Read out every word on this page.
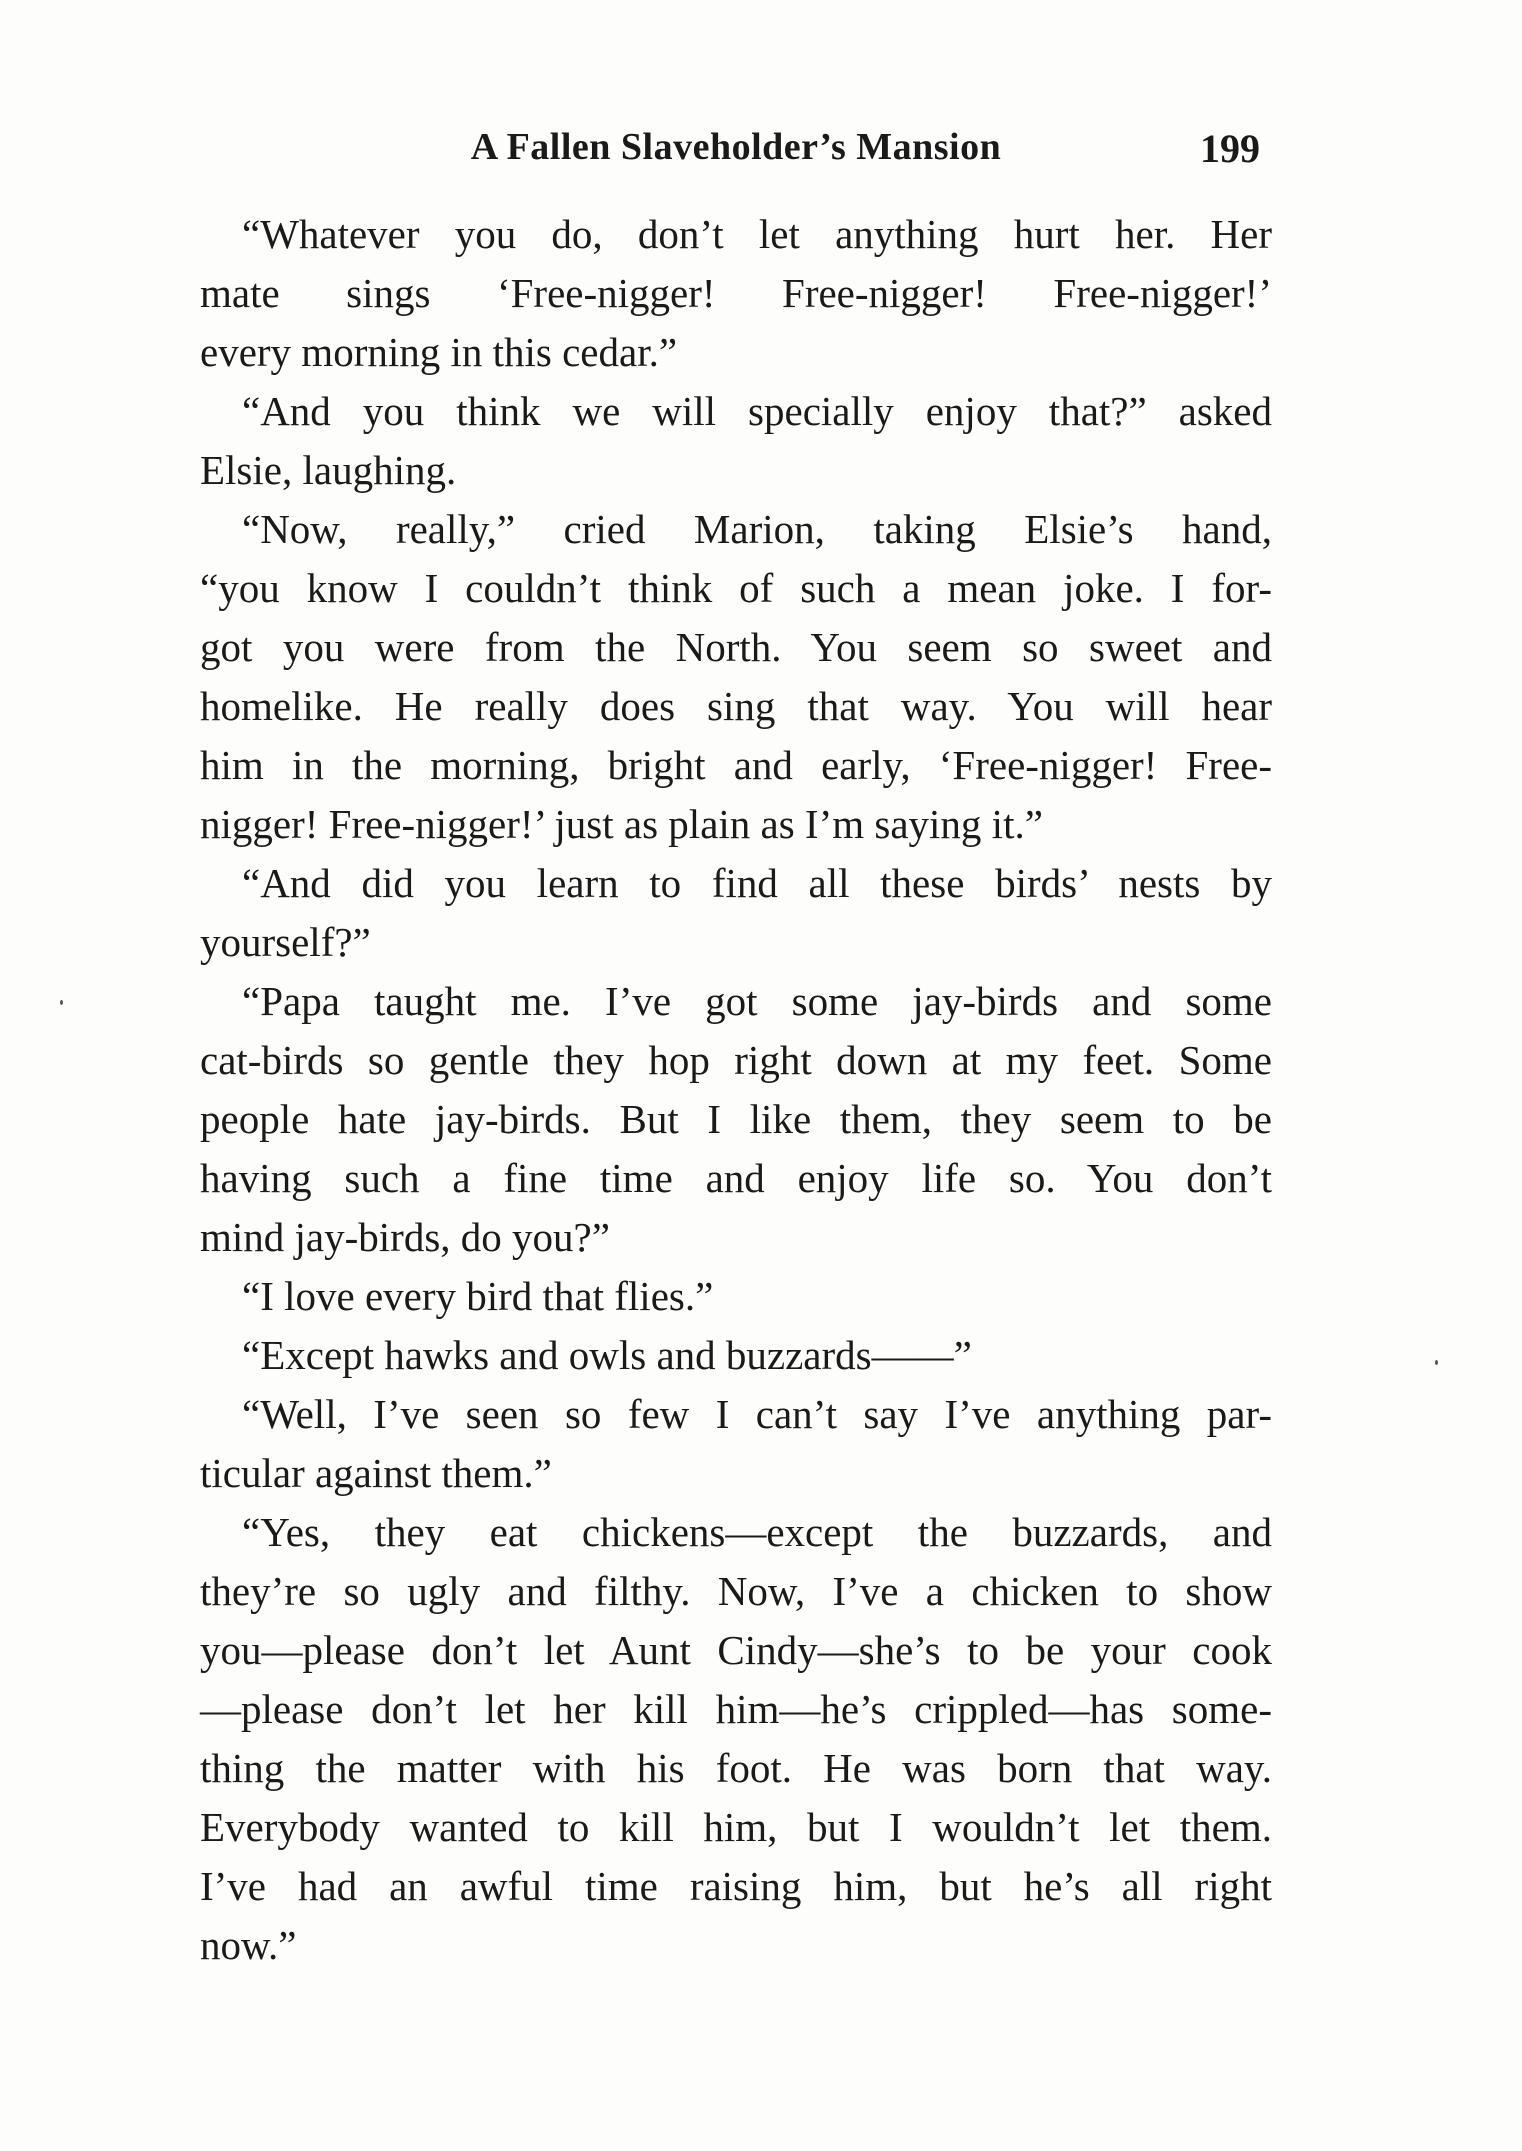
A Fallen Slaveholder’s Mansion	199
“Whatever you do, don’t let anything hurt her. Her
mate sings ‘Free-nigger! Free-nigger! Free-nigger!’
every morning in this cedar.”
“And you think we will specially enjoy that?” asked
Elsie, laughing.
“Now, really,” cried Marion, taking Elsie’s hand,
“you know I couldn’t think of such a mean joke. I for-
got you were from the North. You seem so sweet and
homelike. He really does sing that way. You will hear
him in the morning, bright and early, ‘Free-nigger! Free-
nigger! Free-nigger!’ just as plain as I’m saying it.”
“And did you learn to find all these birds’ nests by
yourself?”
“Papa taught me. I’ve got some jay-birds and some
cat-birds so gentle they hop right down at my feet. Some
people hate jay-birds. But I like them, they seem to be
having such a fine time and enjoy life so. You don’t
mind jay-birds, do you?”
“I love every bird that flies.”
“Except hawks and owls and buzzards——”
“Well, I’ve seen so few I can’t say I’ve anything par-
ticular against them.”
“Yes, they eat chickens—except the buzzards, and
they’re so ugly and filthy. Now, I’ve a chicken to show
you—please don’t let Aunt Cindy—she’s to be your cook
—please don’t let her kill him—he’s crippled—has some-
thing the matter with his foot. He was born that way.
Everybody wanted to kill him, but I wouldn’t let them.
I’ve had an awful time raising him, but he’s all right
now.”
